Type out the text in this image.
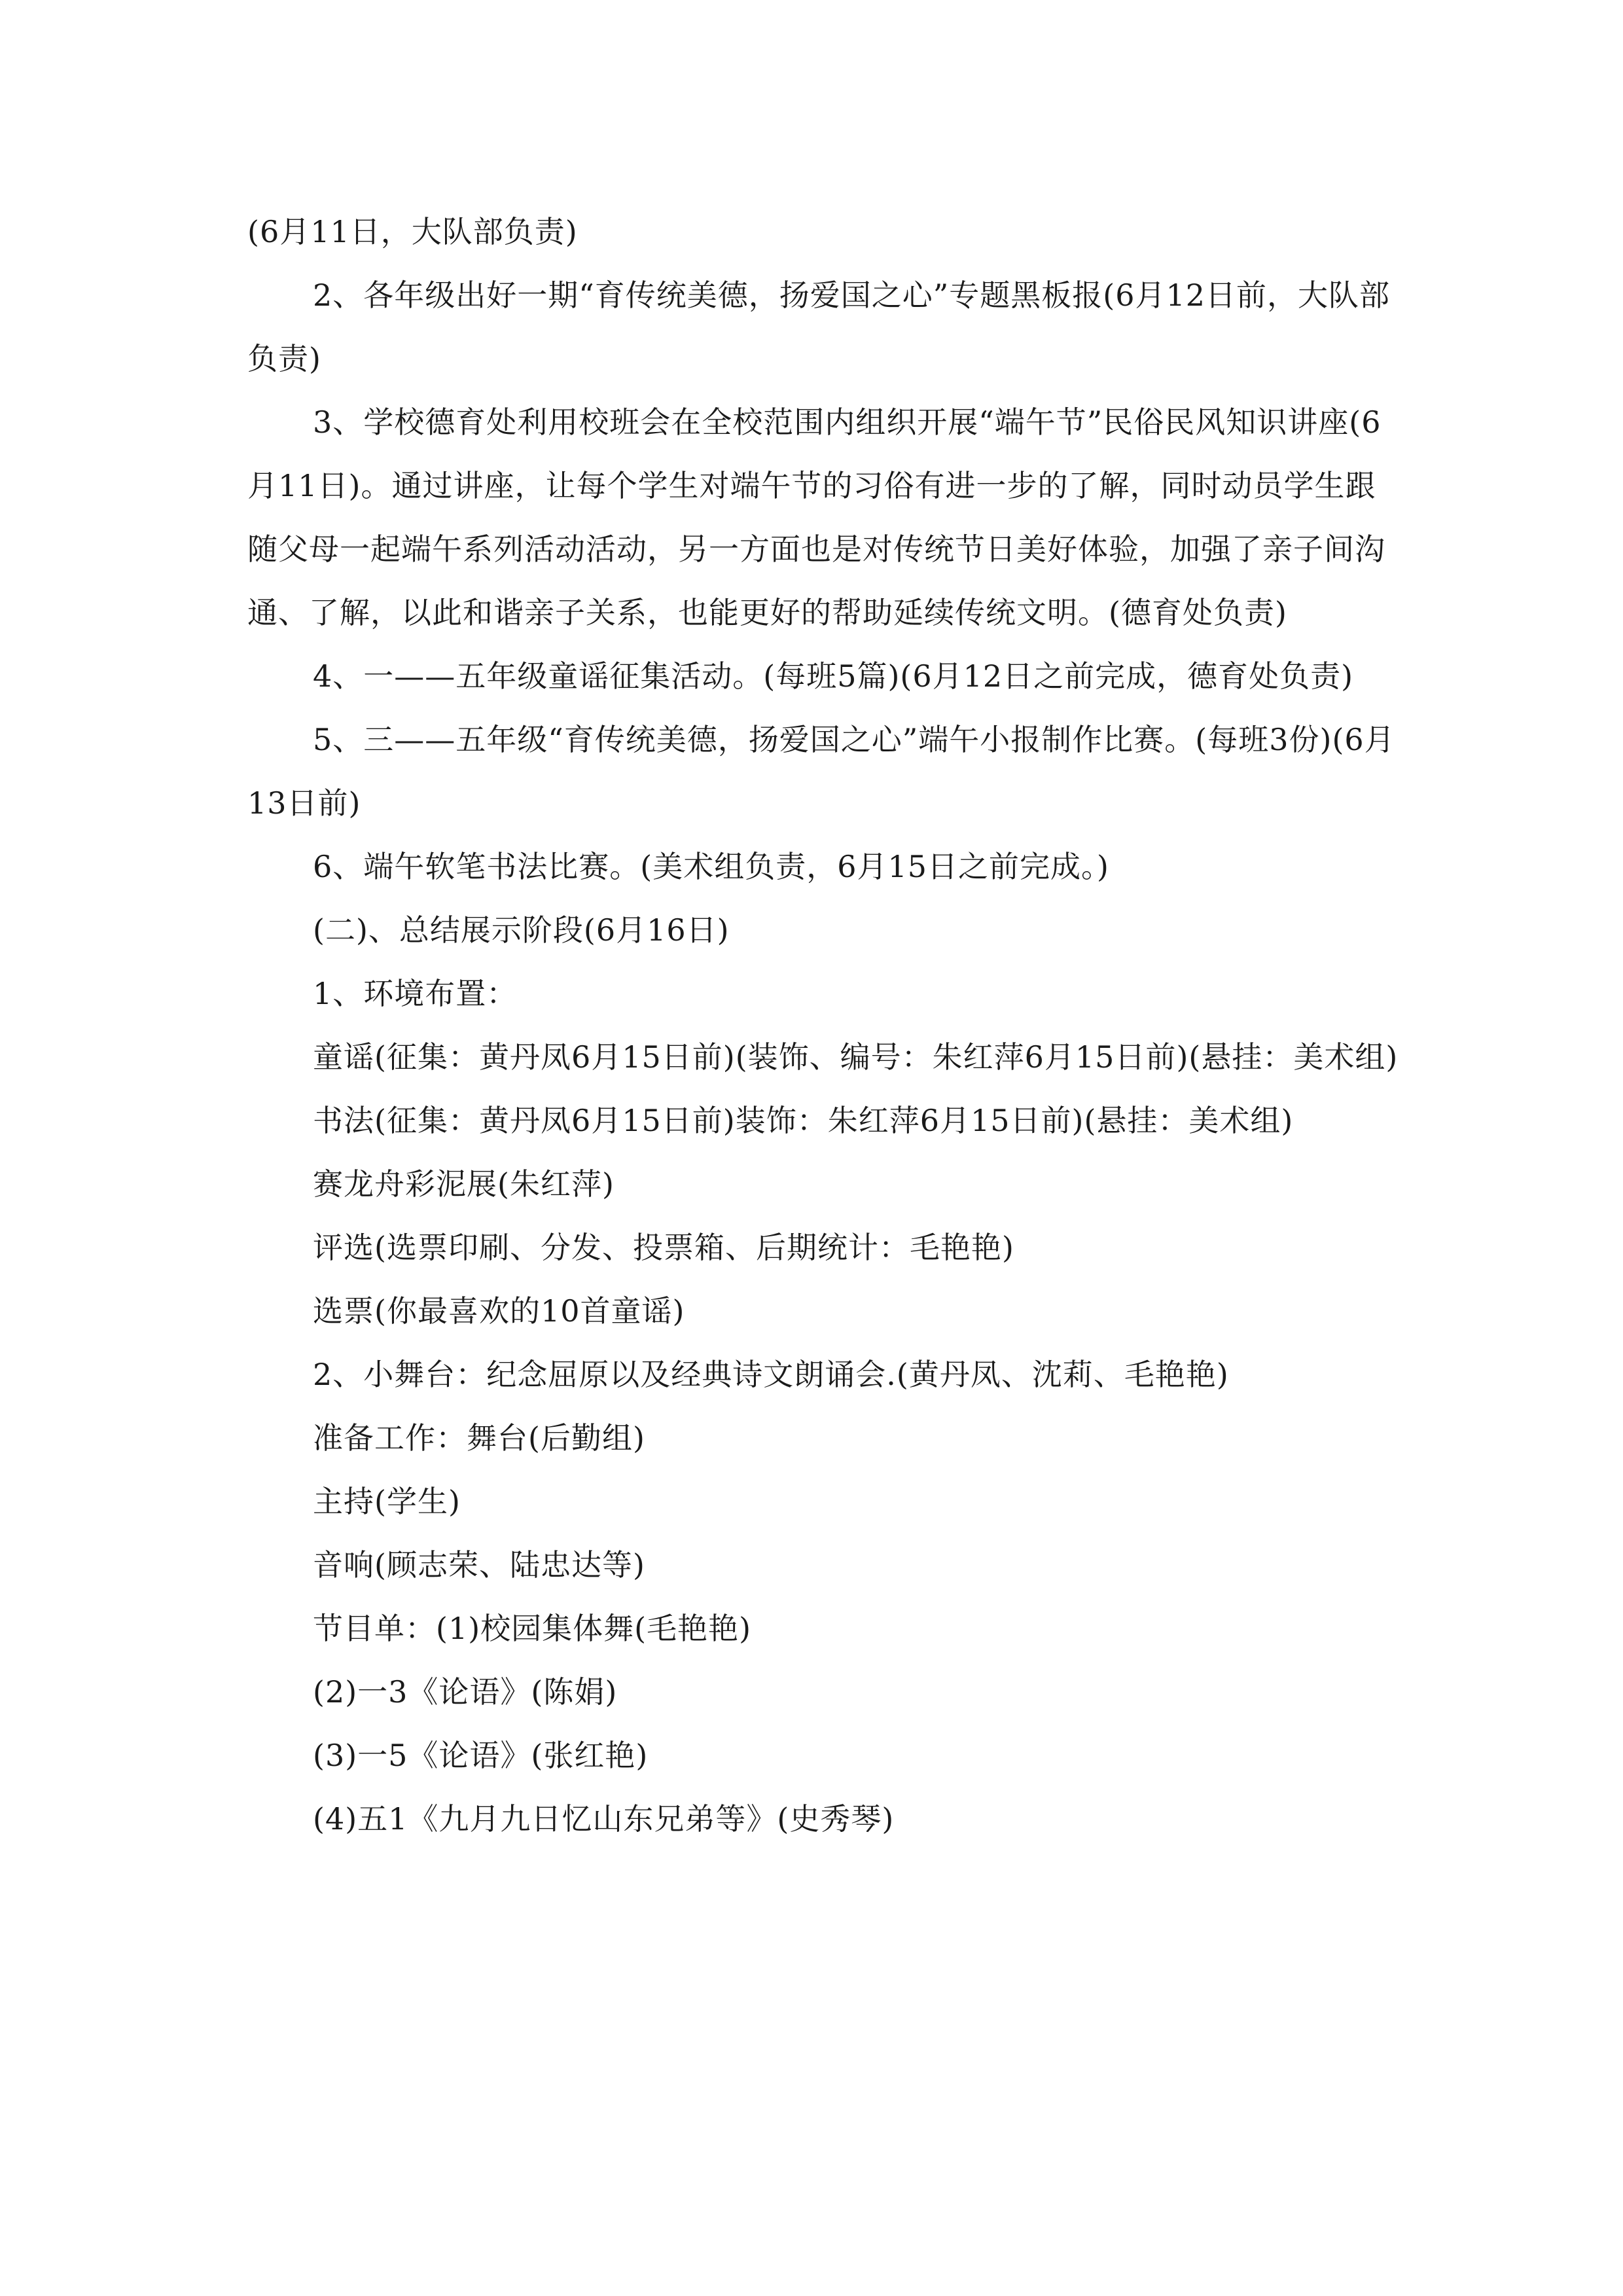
(6月11日，大队部负责)

2、各年级出好一期“育传统美德，扬爱国之心”专题黑板报(6月12日前，大队部负责)

3、学校德育处利用校班会在全校范围内组织开展“端午节”民俗民风知识讲座(6月11日)。通过讲座，让每个学生对端午节的习俗有进一步的了解，同时动员学生跟随父母一起端午系列活动活动，另一方面也是对传统节日美好体验，加强了亲子间沟通、了解，以此和谐亲子关系，也能更好的帮助延续传统文明。(德育处负责)

4、一——五年级童谣征集活动。(每班5篇)(6月12日之前完成，德育处负责)

5、三——五年级“育传统美德，扬爱国之心”端午小报制作比赛。(每班3份)(6月13日前)

6、端午软笔书法比赛。(美术组负责，6月15日之前完成。)

(二)、总结展示阶段(6月16日)

1、环境布置：

童谣(征集：黄丹凤6月15日前)(装饰、编号：朱红萍6月15日前)(悬挂：美术组)

书法(征集：黄丹凤6月15日前)装饰：朱红萍6月15日前)(悬挂：美术组)

赛龙舟彩泥展(朱红萍)

评选(选票印刷、分发、投票箱、后期统计：毛艳艳)

选票(你最喜欢的10首童谣)

2、小舞台：纪念屈原以及经典诗文朗诵会.(黄丹凤、沈莉、毛艳艳)

准备工作：舞台(后勤组)

主持(学生)

音响(顾志荣、陆忠达等)

节目单：(1)校园集体舞(毛艳艳)

(2)一3《论语》(陈娟)

(3)一5《论语》(张红艳)

(4)五1《九月九日忆山东兄弟等》(史秀琴)
